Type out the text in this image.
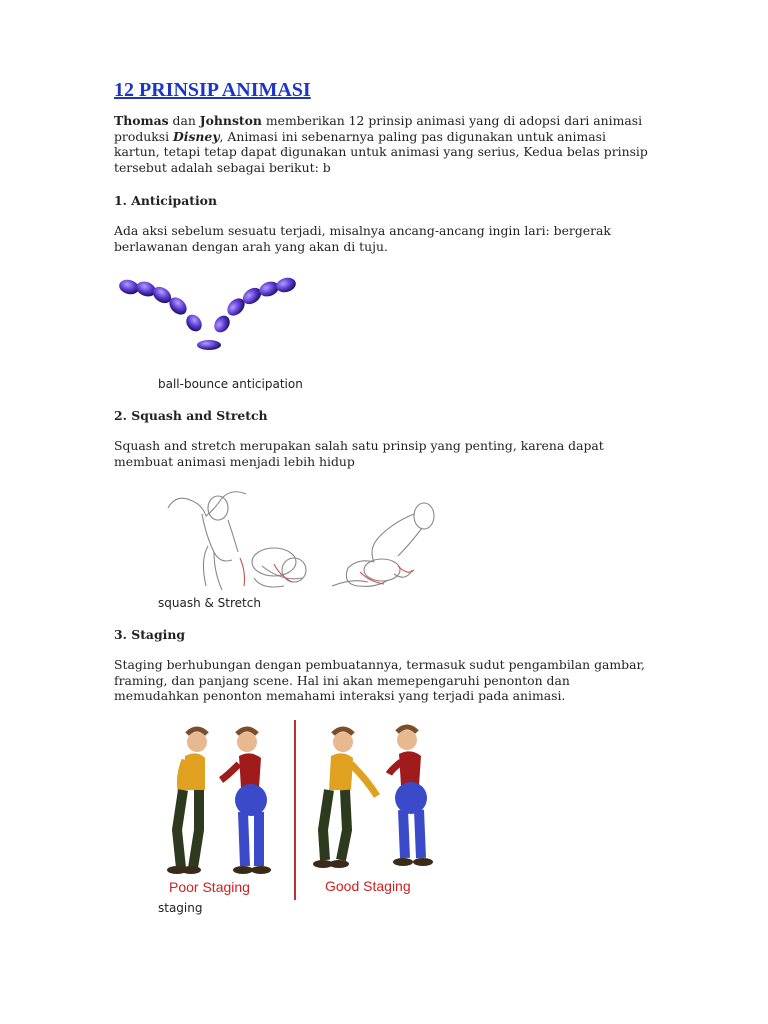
12 PRINSIP ANIMASI

Thomas dan Johnston memberikan 12 prinsip animasi yang di adopsi dari animasi produksi Disney, Animasi ini sebenarnya paling pas digunakan untuk animasi kartun, tetapi tetap dapat digunakan untuk animasi yang serius, Kedua belas prinsip tersebut adalah sebagai berikut: b

1. Anticipation

Ada aksi sebelum sesuatu terjadi, misalnya ancang-ancang ingin lari: bergerak berlawanan dengan arah yang akan di tuju.

ball-bounce anticipation

2. Squash and Stretch

Squash and stretch merupakan salah satu prinsip yang penting, karena dapat membuat animasi menjadi lebih hidup

squash & Stretch

3. Staging

Staging berhubungan dengan pembuatannya, termasuk sudut pengambilan gambar, framing, dan panjang scene. Hal ini akan memepengaruhi penonton dan memudahkan penonton memahami interaksi yang terjadi pada animasi.

Poor Staging	Good Staging

staging
